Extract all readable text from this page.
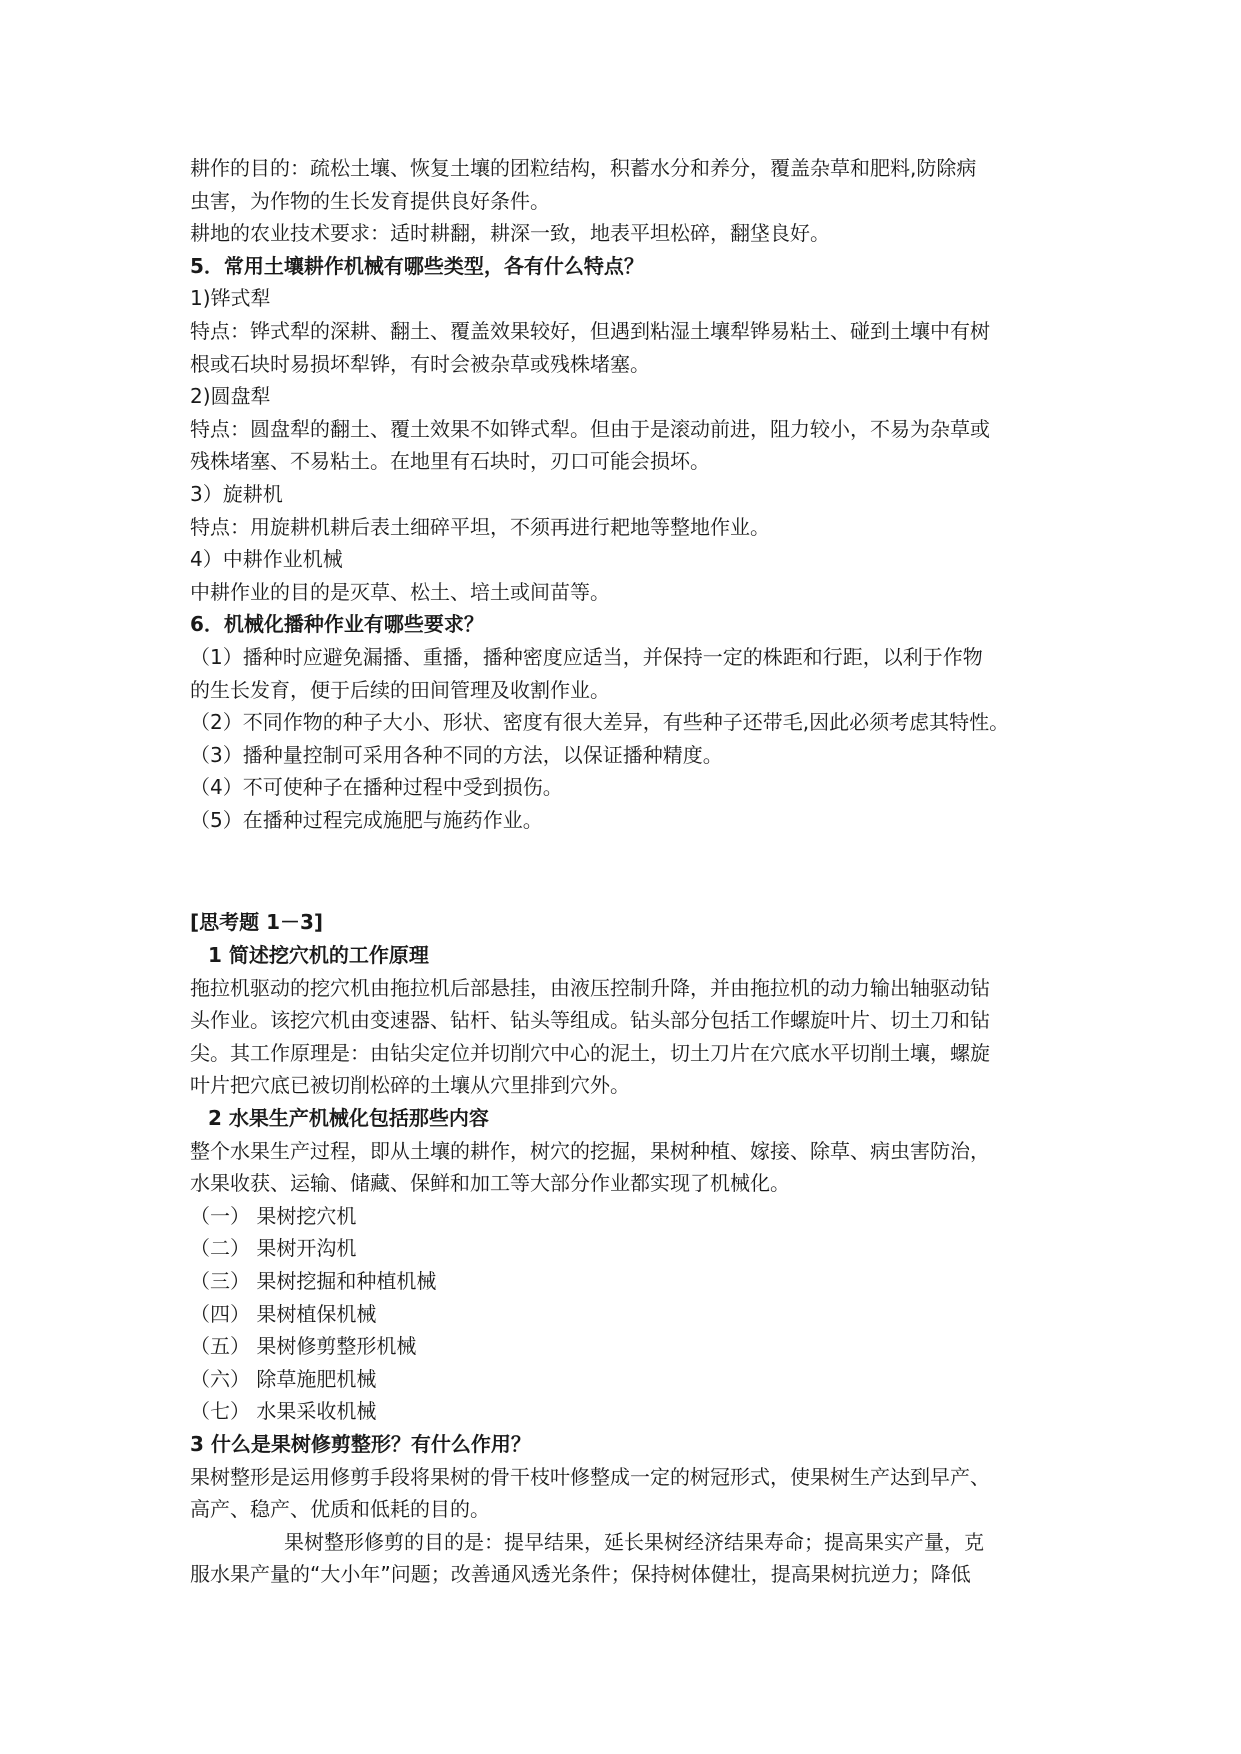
耕作的目的：疏松土壤、恢复土壤的团粒结构，积蓄水分和养分，覆盖杂草和肥料,防除病
虫害，为作物的生长发育提供良好条件。
耕地的农业技术要求：适时耕翻，耕深一致，地表平坦松碎，翻垡良好。
5．常用土壤耕作机械有哪些类型，各有什么特点？
1)铧式犁
特点：铧式犁的深耕、翻土、覆盖效果较好，但遇到粘湿土壤犁铧易粘土、碰到土壤中有树
根或石块时易损坏犁铧，有时会被杂草或残株堵塞。
2)圆盘犁
特点：圆盘犁的翻土、覆土效果不如铧式犁。但由于是滚动前进，阻力较小，不易为杂草或
残株堵塞、不易粘土。在地里有石块时，刃口可能会损坏。
3）旋耕机
特点：用旋耕机耕后表土细碎平坦，不须再进行耙地等整地作业。
4）中耕作业机械
中耕作业的目的是灭草、松土、培土或间苗等。
6．机械化播种作业有哪些要求？
（1）播种时应避免漏播、重播，播种密度应适当，并保持一定的株距和行距，以利于作物
的生长发育，便于后续的田间管理及收割作业。
（2）不同作物的种子大小、形状、密度有很大差异，有些种子还带毛,因此必须考虑其特性。
（3）播种量控制可采用各种不同的方法，以保证播种精度。
（4）不可使种子在播种过程中受到损伤。
（5）在播种过程完成施肥与施药作业。
[思考题 1－3]
1 简述挖穴机的工作原理
拖拉机驱动的挖穴机由拖拉机后部悬挂，由液压控制升降，并由拖拉机的动力输出轴驱动钻
头作业。该挖穴机由变速器、钻杆、钻头等组成。钻头部分包括工作螺旋叶片、切土刀和钻
尖。其工作原理是：由钻尖定位并切削穴中心的泥土，切土刀片在穴底水平切削土壤，螺旋
叶片把穴底已被切削松碎的土壤从穴里排到穴外。
2 水果生产机械化包括那些内容
整个水果生产过程，即从土壤的耕作，树穴的挖掘，果树种植、嫁接、除草、病虫害防治，
水果收获、运输、储藏、保鲜和加工等大部分作业都实现了机械化。
（一） 果树挖穴机
（二） 果树开沟机
（三） 果树挖掘和种植机械
（四） 果树植保机械
（五） 果树修剪整形机械
（六） 除草施肥机械
（七） 水果采收机械
3 什么是果树修剪整形？有什么作用？
果树整形是运用修剪手段将果树的骨干枝叶修整成一定的树冠形式，使果树生产达到早产、
高产、稳产、优质和低耗的目的。
果树整形修剪的目的是：提早结果，延长果树经济结果寿命；提高果实产量，克
服水果产量的“大小年”问题；改善通风透光条件；保持树体健壮，提高果树抗逆力；降低
